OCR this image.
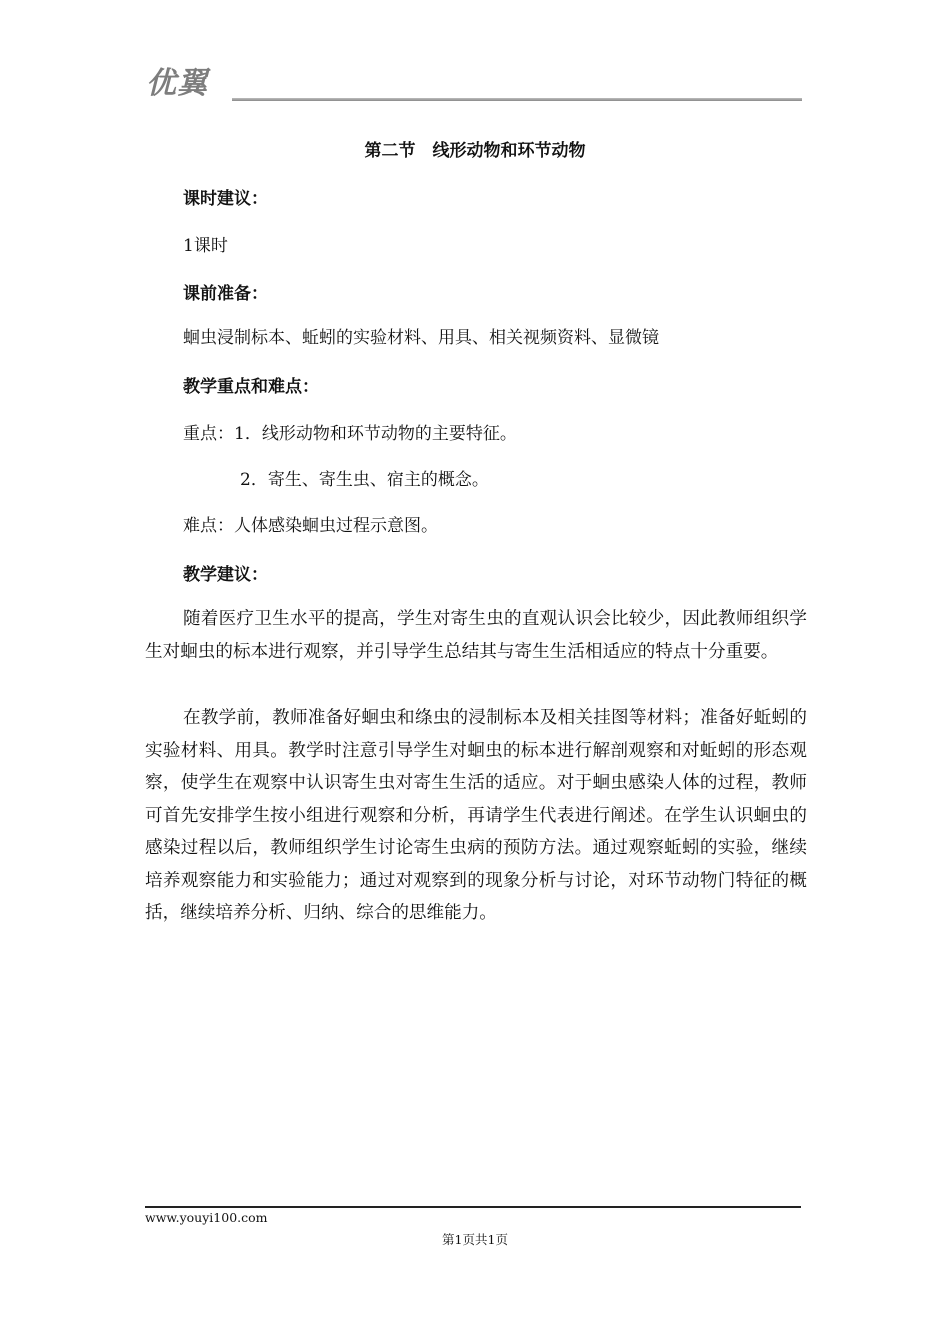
优翼
第二节　线形动物和环节动物
课时建议：
1课时
课前准备：
蛔虫浸制标本、蚯蚓的实验材料、用具、相关视频资料、显微镜
教学重点和难点：
重点：1．线形动物和环节动物的主要特征。
2．寄生、寄生虫、宿主的概念。
难点：人体感染蛔虫过程示意图。
教学建议：
随着医疗卫生水平的提高，学生对寄生虫的直观认识会比较少，因此教师组织学生对蛔虫的标本进行观察，并引导学生总结其与寄生生活相适应的特点十分重要。
在教学前，教师准备好蛔虫和绦虫的浸制标本及相关挂图等材料；准备好蚯蚓的实验材料、用具。教学时注意引导学生对蛔虫的标本进行解剖观察和对蚯蚓的形态观察，使学生在观察中认识寄生虫对寄生生活的适应。对于蛔虫感染人体的过程，教师可首先安排学生按小组进行观察和分析，再请学生代表进行阐述。在学生认识蛔虫的感染过程以后，教师组织学生讨论寄生虫病的预防方法。通过观察蚯蚓的实验，继续培养观察能力和实验能力；通过对观察到的现象分析与讨论，对环节动物门特征的概括，继续培养分析、归纳、综合的思维能力。
www.youyi100.com
第1页共1页
